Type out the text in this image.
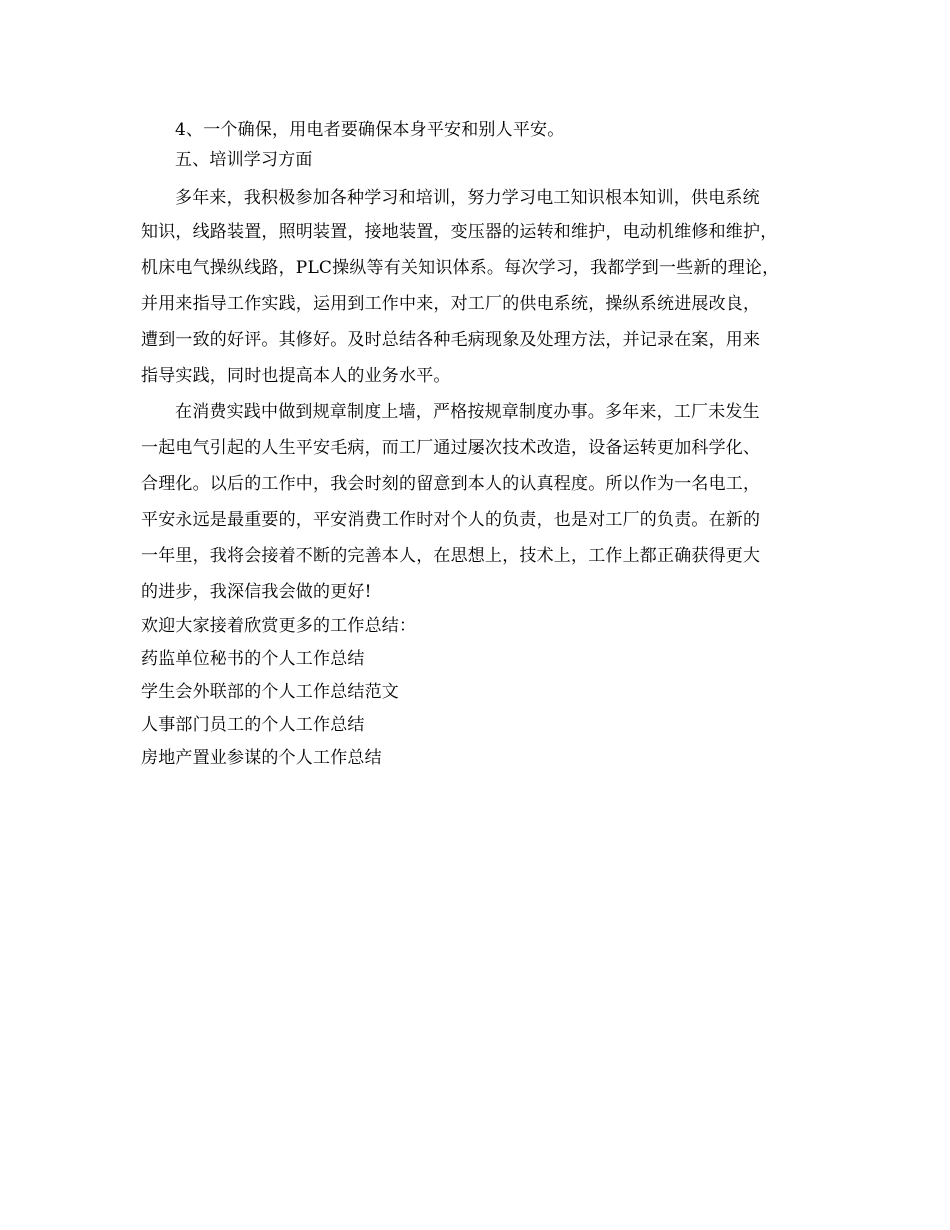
4、一个确保，用电者要确保本身平安和别人平安。
五、培训学习方面
多年来，我积极参加各种学习和培训，努力学习电工知识根本知训，供电系统
知识，线路装置，照明装置，接地装置，变压器的运转和维护，电动机维修和维护，
机床电气操纵线路，PLC操纵等有关知识体系。每次学习，我都学到一些新的理论，
并用来指导工作实践，运用到工作中来，对工厂的供电系统，操纵系统进展改良，
遭到一致的好评。其修好。及时总结各种毛病现象及处理方法，并记录在案，用来
指导实践，同时也提高本人的业务水平。
在消费实践中做到规章制度上墙，严格按规章制度办事。多年来，工厂未发生
一起电气引起的人生平安毛病，而工厂通过屡次技术改造，设备运转更加科学化、
合理化。以后的工作中，我会时刻的留意到本人的认真程度。所以作为一名电工，
平安永远是最重要的，平安消费工作时对个人的负责，也是对工厂的负责。在新的
一年里，我将会接着不断的完善本人，在思想上，技术上，工作上都正确获得更大
的进步，我深信我会做的更好!
欢迎大家接着欣赏更多的工作总结：
药监单位秘书的个人工作总结
学生会外联部的个人工作总结范文
人事部门员工的个人工作总结
房地产置业参谋的个人工作总结
